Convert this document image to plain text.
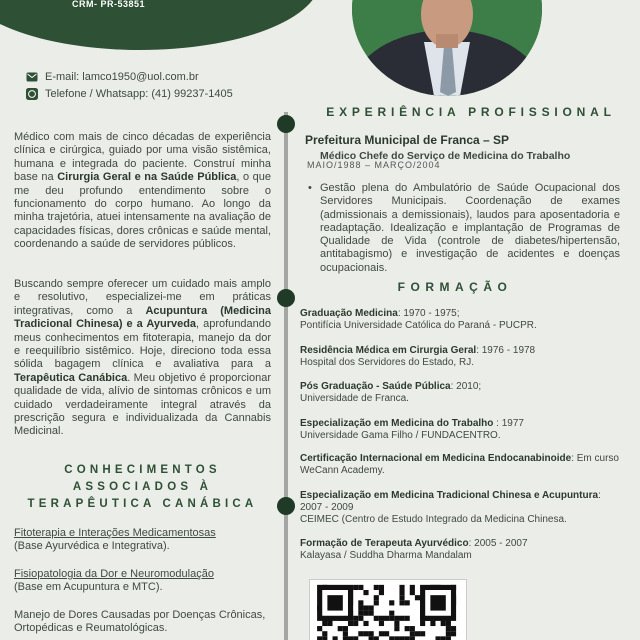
CRM- PR-53851
E-mail: lamco1950@uol.com.br
Telefone / Whatsapp: (41) 99237-1405
Médico com mais de cinco décadas de experiência clínica e cirúrgica, guiado por uma visão sistêmica, humana e integrada do paciente. Construí minha base na Cirurgia Geral e na Saúde Pública, o que me deu profundo entendimento sobre o funcionamento do corpo humano. Ao longo da minha trajetória, atuei intensamente na avaliação de capacidades físicas, dores crônicas e saúde mental, coordenando a saúde de servidores públicos.
Buscando sempre oferecer um cuidado mais amplo e resolutivo, especializei-me em práticas integrativas, como a Acupuntura (Medicina Tradicional Chinesa) e a Ayurveda, aprofundando meus conhecimentos em fitoterapia, manejo da dor e reequilíbrio sistêmico. Hoje, direciono toda essa sólida bagagem clínica e avaliativa para a Terapêutica Canábica. Meu objetivo é proporcionar qualidade de vida, alívio de sintomas crônicos e um cuidado verdadeiramente integral através da prescrição segura e individualizada da Cannabis Medicinal.
EXPERIÊNCIA PROFISSIONAL
Prefeitura Municipal de Franca – SP
Médico Chefe do Serviço de Medicina do Trabalho
MAIO/1988 – MARÇO/2004
• Gestão plena do Ambulatório de Saúde Ocupacional dos Servidores Municipais. Coordenação de exames (admissionais a demissionais), laudos para aposentadoria e readaptação. Idealização e implantação de Programas de Qualidade de Vida (controle de diabetes/hipertensão, antitabagismo) e investigação de acidentes e doenças ocupacionais.
FORMAÇÃO
Graduação Medicina: 1970 - 1975;
Pontifícia Universidade Católica do Paraná - PUCPR.
Residência Médica em Cirurgia Geral: 1976 - 1978
Hospital dos Servidores do Estado, RJ.
Pós Graduação - Saúde Pública: 2010;
Universidade de Franca.
Especialização em Medicina do Trabalho : 1977
Universidade Gama Filho / FUNDACENTRO.
Certificação Internacional em Medicina Endocanabinoide: Em curso
WeCann Academy.
Especialização em Medicina Tradicional Chinesa e Acupuntura: 2007 - 2009
CEIMEC (Centro de Estudo Integrado da Medicina Chinesa.
Formação de Terapeuta Ayurvédico: 2005 - 2007
Kalayasa / Suddha Dharma Mandalam
CONHECIMENTOS ASSOCIADOS À TERAPÊUTICA CANÁBICA
Fitoterapia e Interações Medicamentosas
(Base Ayurvédica e Integrativa).
Fisiopatologia da Dor e Neuromodulação
(Base em Acupuntura e MTC).
Manejo de Dores Causadas por Doenças Crônicas, Ortopédicas e Reumatológicas.
